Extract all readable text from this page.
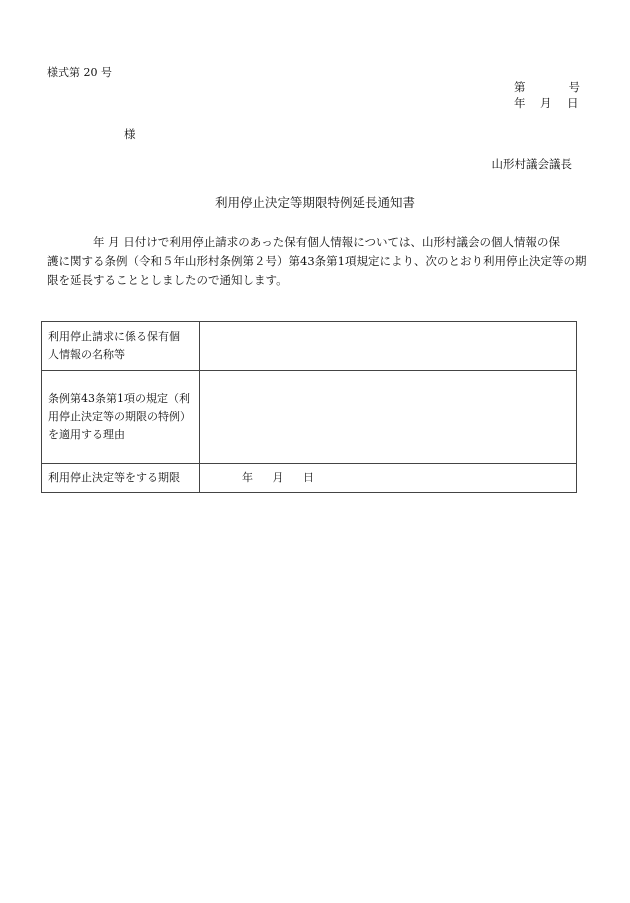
様式第 20 号
第	号
年 月 日
様
山形村議会議長
利用停止決定等期限特例延長通知書
年 月 日付けで利用停止請求のあった保有個人情報については、山形村議会の個人情報の保
護に関する条例（令和５年山形村条例第２号）第43条第1項規定により、次のとおり利用停止決定等の期
限を延長することとしましたので通知します。
利用停止請求に係る保有個
人情報の名称等	

条例第43条第1項の規定（利
用停止決定等の期限の特例）
を適用する理由	

利用停止決定等をする期限	年 月 日
